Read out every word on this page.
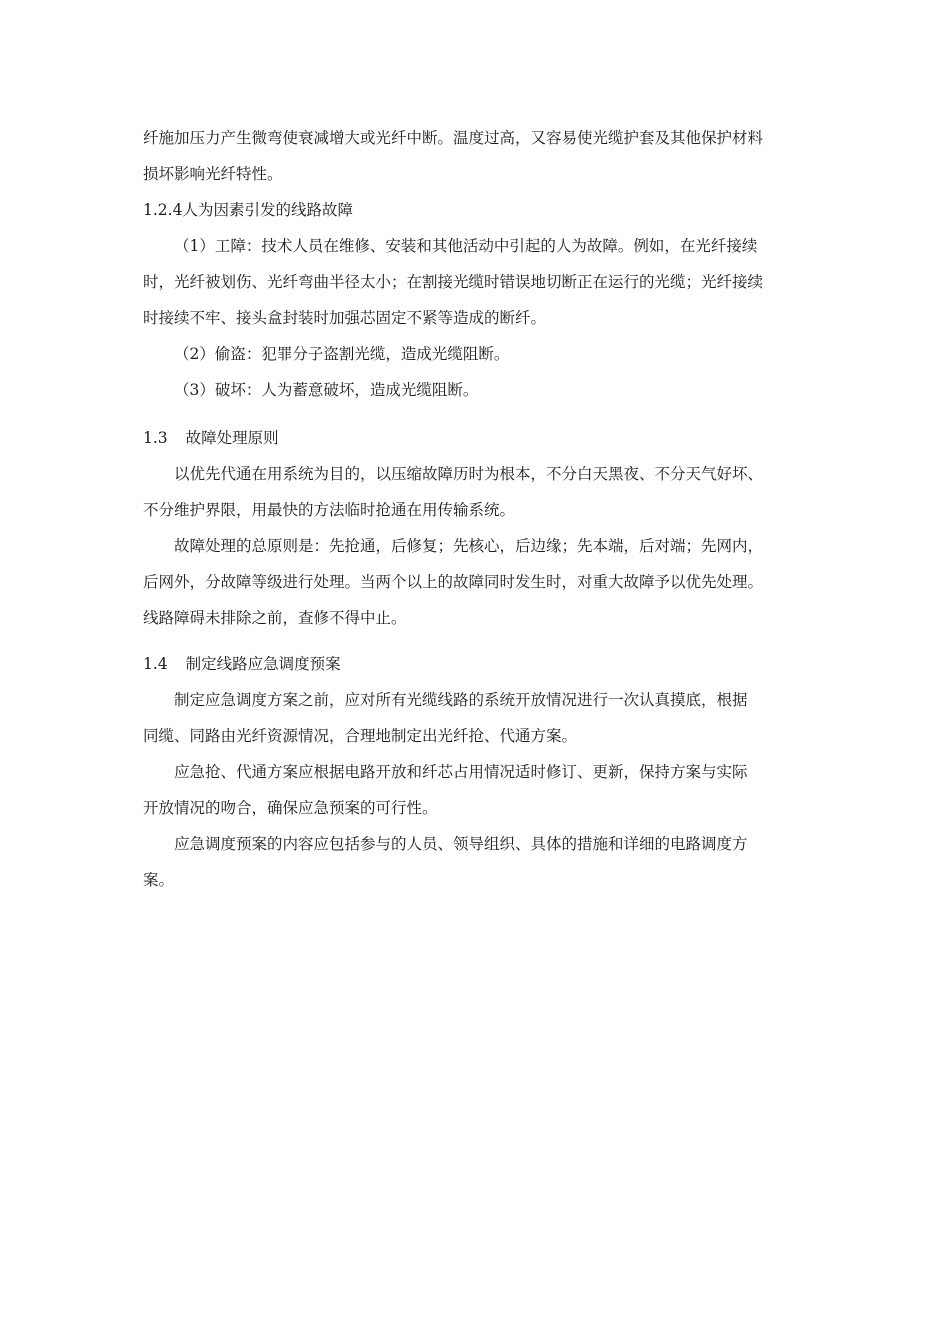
纤施加压力产生微弯使衰减增大或光纤中断。温度过高，又容易使光缆护套及其他保护材料

损坏影响光纤特性。

1.2.4人为因素引发的线路故障

（1）工障：技术人员在维修、安装和其他活动中引起的人为故障。例如，在光纤接续

时，光纤被划伤、光纤弯曲半径太小；在割接光缆时错误地切断正在运行的光缆；光纤接续

时接续不牢、接头盒封装时加强芯固定不紧等造成的断纤。

（2）偷盗：犯罪分子盗割光缆，造成光缆阻断。

（3）破坏：人为蓄意破坏，造成光缆阻断。

1.3 故障处理原则

以优先代通在用系统为目的，以压缩故障历时为根本，不分白天黑夜、不分天气好坏、

不分维护界限，用最快的方法临时抢通在用传输系统。

故障处理的总原则是：先抢通，后修复；先核心，后边缘；先本端，后对端；先网内，

后网外，分故障等级进行处理。当两个以上的故障同时发生时，对重大故障予以优先处理。

线路障碍未排除之前，查修不得中止。

1.4 制定线路应急调度预案

制定应急调度方案之前，应对所有光缆线路的系统开放情况进行一次认真摸底，根据

同缆、同路由光纤资源情况，合理地制定出光纤抢、代通方案。

应急抢、代通方案应根据电路开放和纤芯占用情况适时修订、更新，保持方案与实际

开放情况的吻合，确保应急预案的可行性。

应急调度预案的内容应包括参与的人员、领导组织、具体的措施和详细的电路调度方

案。
